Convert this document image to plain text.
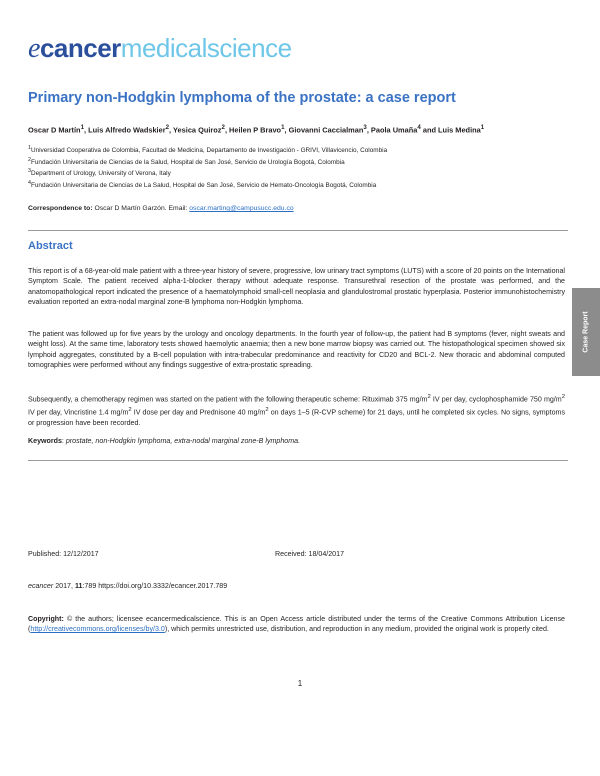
ecancermedicalscience
Primary non-Hodgkin lymphoma of the prostate: a case report
Oscar D Martín$^1$, Luis Alfredo Wadskier$^2$, Yesica Quiroz$^2$, Heilen P Bravo$^1$, Giovanni Caccialman$^3$, Paola Umaña$^4$ and Luis Medina$^1$
$^1$Universidad Cooperativa de Colombia, Facultad de Medicina, Departamento de Investigación - GRIVI, Villavicencio, Colombia
$^2$Fundación Universitaria de Ciencias de la Salud, Hospital de San José, Servicio de Urología Bogotá, Colombia
$^3$Department of Urology, University of Verona, Italy
$^4$Fundación Universitaria de Ciencias de La Salud, Hospital de San José, Servicio de Hemato-Oncología Bogotá, Colombia
Correspondence to: Oscar D Martín Garzón. Email: oscar.marting@campusucc.edu.co
Abstract
This report is of a 68-year-old male patient with a three-year history of severe, progressive, low urinary tract symptoms (LUTS) with a score of 20 points on the International Symptom Scale. The patient received alpha-1-blocker therapy without adequate response. Transurethral resection of the prostate was performed, and the anatomopathological report indicated the presence of a haematolymphoid small-cell neoplasia and glandulostromal prostatic hyperplasia. Posterior immunohistochemistry evaluation reported an extra-nodal marginal zone-B lymphoma non-Hodgkin lymphoma.
The patient was followed up for five years by the urology and oncology departments. In the fourth year of follow-up, the patient had B symptoms (fever, night sweats and weight loss). At the same time, laboratory tests showed haemolytic anaemia; then a new bone marrow biopsy was carried out. The histopathological specimen showed six lymphoid aggregates, constituted by a B-cell population with intra-trabecular predominance and reactivity for CD20 and BCL-2. New thoracic and abdominal computed tomographies were performed without any findings suggestive of extra-prostatic spreading.
Subsequently, a chemotherapy regimen was started on the patient with the following therapeutic scheme: Rituximab 375 $mg/m^2$ IV per day, cyclophosphamide 750 $mg/m^2$ IV per day, Vincristine 1.4 $mg/m^2$ IV dose per day and Prednisone 40 $mg/m^2$ on days 1–5 (R-CVP scheme) for 21 days, until he completed six cycles. No signs, symptoms or progression have been recorded.
Keywords: prostate, non-Hodgkin lymphoma, extra-nodal marginal zone-B lymphoma.
Published: 12/12/2017	Received: 18/04/2017
ecancer 2017, 11:789 https://doi.org/10.3332/ecancer.2017.789
Copyright: © the authors; licensee ecancermedicalscience. This is an Open Access article distributed under the terms of the Creative Commons Attribution License (http://creativecommons.org/licenses/by/3.0), which permits unrestricted use, distribution, and reproduction in any medium, provided the original work is properly cited.
1
Case Report
